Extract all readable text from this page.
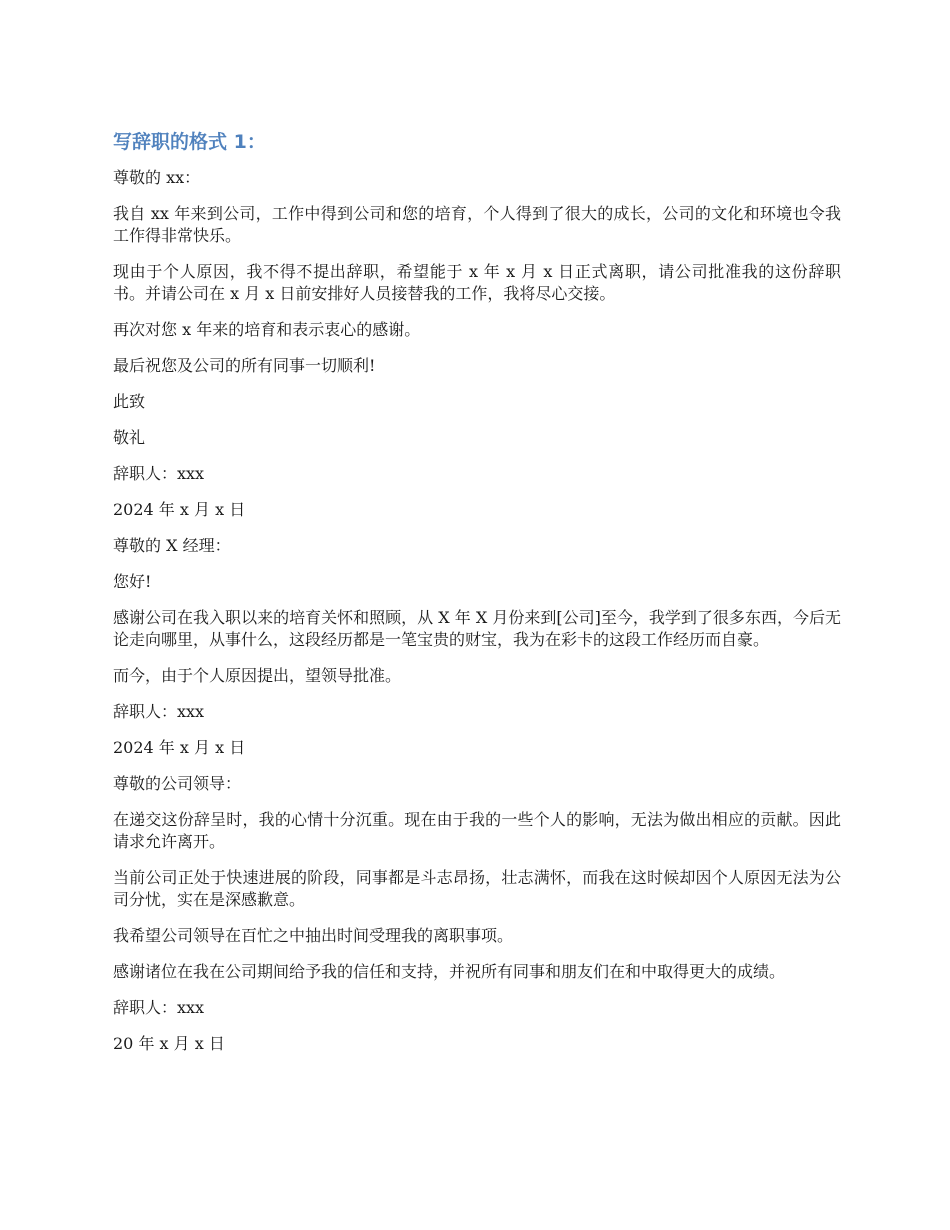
写辞职的格式 1：

尊敬的 xx：

我自 xx 年来到公司，工作中得到公司和您的培育，个人得到了很大的成长，公司的文化和环境也令我工作得非常快乐。

现由于个人原因，我不得不提出辞职，希望能于 x 年 x 月 x 日正式离职，请公司批准我的这份辞职书。并请公司在 x 月 x 日前安排好人员接替我的工作，我将尽心交接。

再次对您 x 年来的培育和表示衷心的感谢。

最后祝您及公司的所有同事一切顺利!

此致

敬礼

辞职人：xxx

2024 年 x 月 x 日

尊敬的 X 经理：

您好!

感谢公司在我入职以来的培育关怀和照顾，从 X 年 X 月份来到[公司]至今，我学到了很多东西，今后无论走向哪里，从事什么，这段经历都是一笔宝贵的财宝，我为在彩卡的这段工作经历而自豪。

而今，由于个人原因提出，望领导批准。

辞职人：xxx

2024 年 x 月 x 日

尊敬的公司领导：

在递交这份辞呈时，我的心情十分沉重。现在由于我的一些个人的影响，无法为做出相应的贡献。因此请求允许离开。

当前公司正处于快速进展的阶段，同事都是斗志昂扬，壮志满怀，而我在这时候却因个人原因无法为公司分忧，实在是深感歉意。

我希望公司领导在百忙之中抽出时间受理我的离职事项。

感谢诸位在我在公司期间给予我的信任和支持，并祝所有同事和朋友们在和中取得更大的成绩。

辞职人：xxx

20 年 x 月 x 日
